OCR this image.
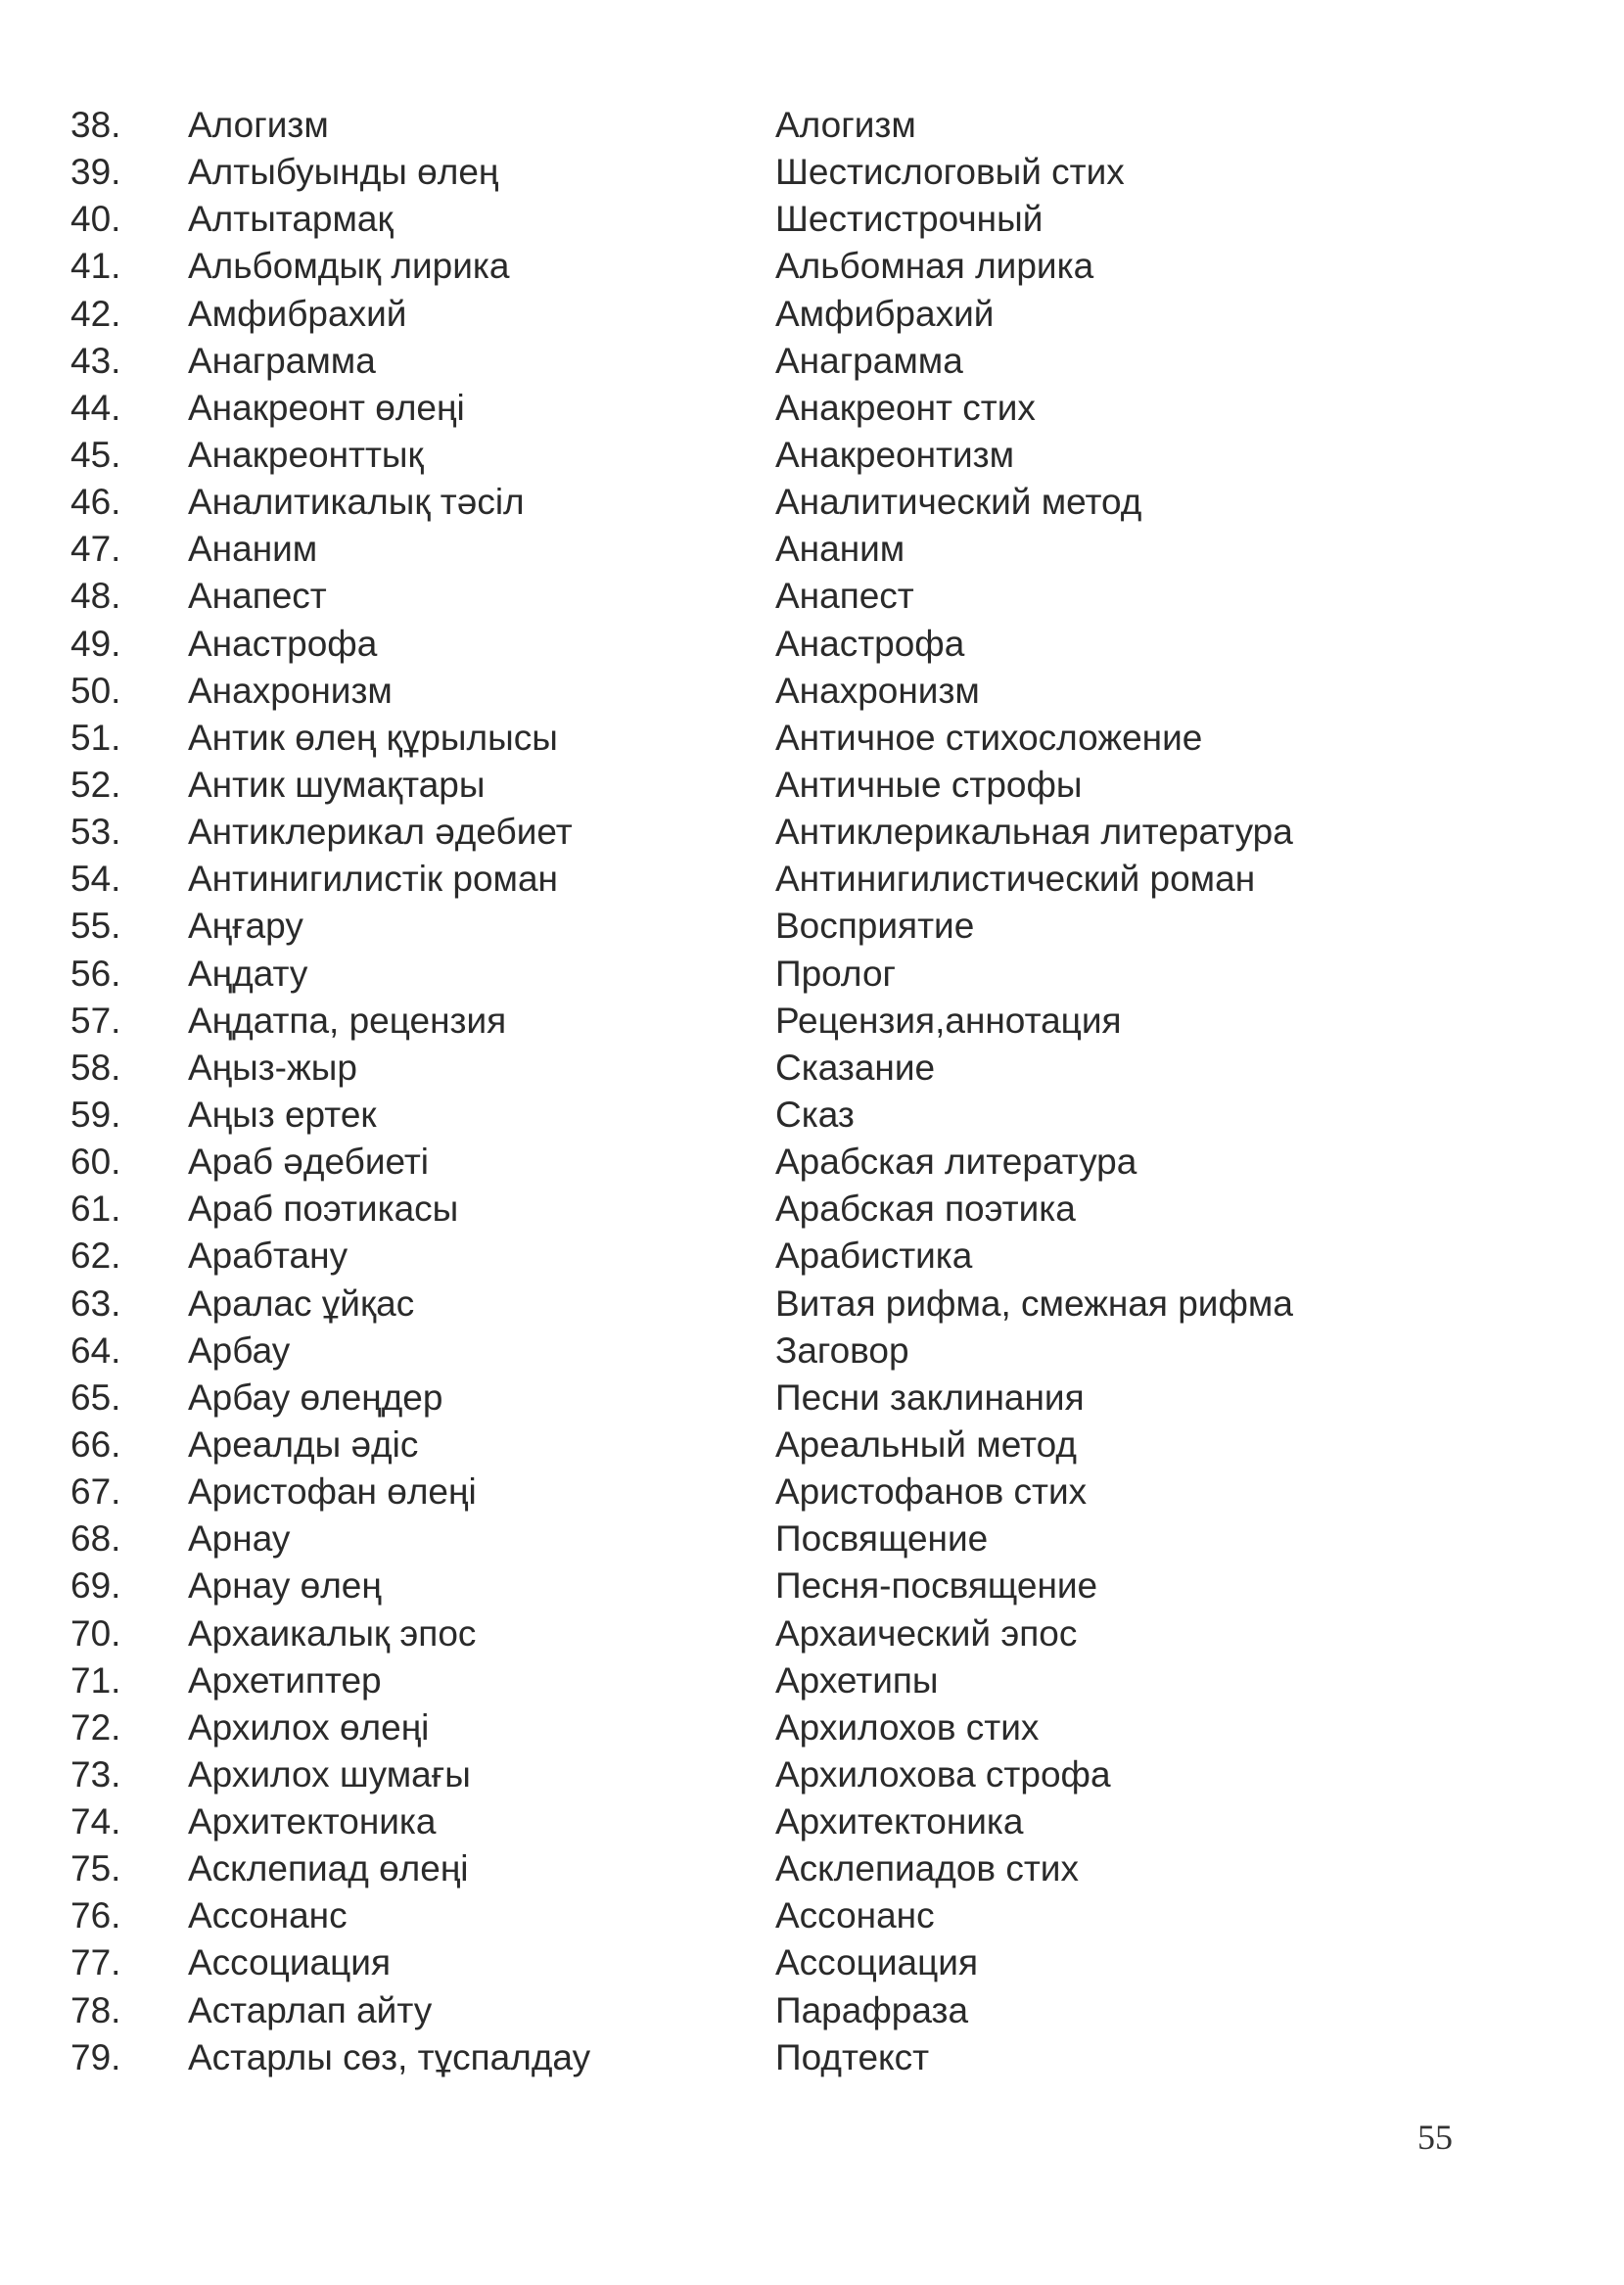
38.	Алогизм	Алогизм
39.	Алтыбуынды өлең	Шестислоговый стих
40.	Алтытармақ	Шестистрочный
41.	Альбомдық лирика	Альбомная лирика
42.	Амфибрахий	Амфибрахий
43.	Анаграмма	Анаграмма
44.	Анакреонт өлеңі	Анакреонт стих
45.	Анакреонттық	Анакреонтизм
46.	Аналитикалық тәсіл	Аналитический метод
47.	Ананим	Ананим
48.	Анапест	Анапест
49.	Анастрофа	Анастрофа
50.	Анахронизм	Анахронизм
51.	Антик өлең құрылысы	Античное стихосложение
52.	Антик шумақтары	Античные строфы
53.	Антиклерикал әдебиет	Антиклерикальная литература
54.	Антинигилистік роман	Антинигилистический роман
55.	Аңғару	Восприятие
56.	Аңдату	Пролог
57.	Аңдатпа, рецензия	Рецензия,аннотация
58.	Аңыз-жыр	Сказание
59.	Аңыз ертек	Сказ
60.	Араб әдебиеті	Арабская литература
61.	Араб поэтикасы	Арабская поэтика
62.	Арабтану	Арабистика
63.	Аралас ұйқас	Витая рифма, смежная рифма
64.	Арбау	Заговор
65.	Арбау өлеңдер	Песни заклинания
66.	Ареалды әдіс	Ареальный метод
67.	Аристофан өлеңі	Аристофанов стих
68.	Арнау	Посвящение
69.	Арнау өлең	Песня-посвящение
70.	Архаикалық эпос	Архаический эпос
71.	Архетиптер	Архетипы
72.	Архилох өлеңі	Архилохов стих
73.	Архилох шумағы	Архилохова строфа
74.	Архитектоника	Архитектоника
75.	Асклепиад өлеңі	Асклепиадов стих
76.	Ассонанс	Ассонанс
77.	Ассоциация	Ассоциация
78.	Астарлап айту	Парафраза
79.	Астарлы сөз, тұспалдау	Подтекст
55
